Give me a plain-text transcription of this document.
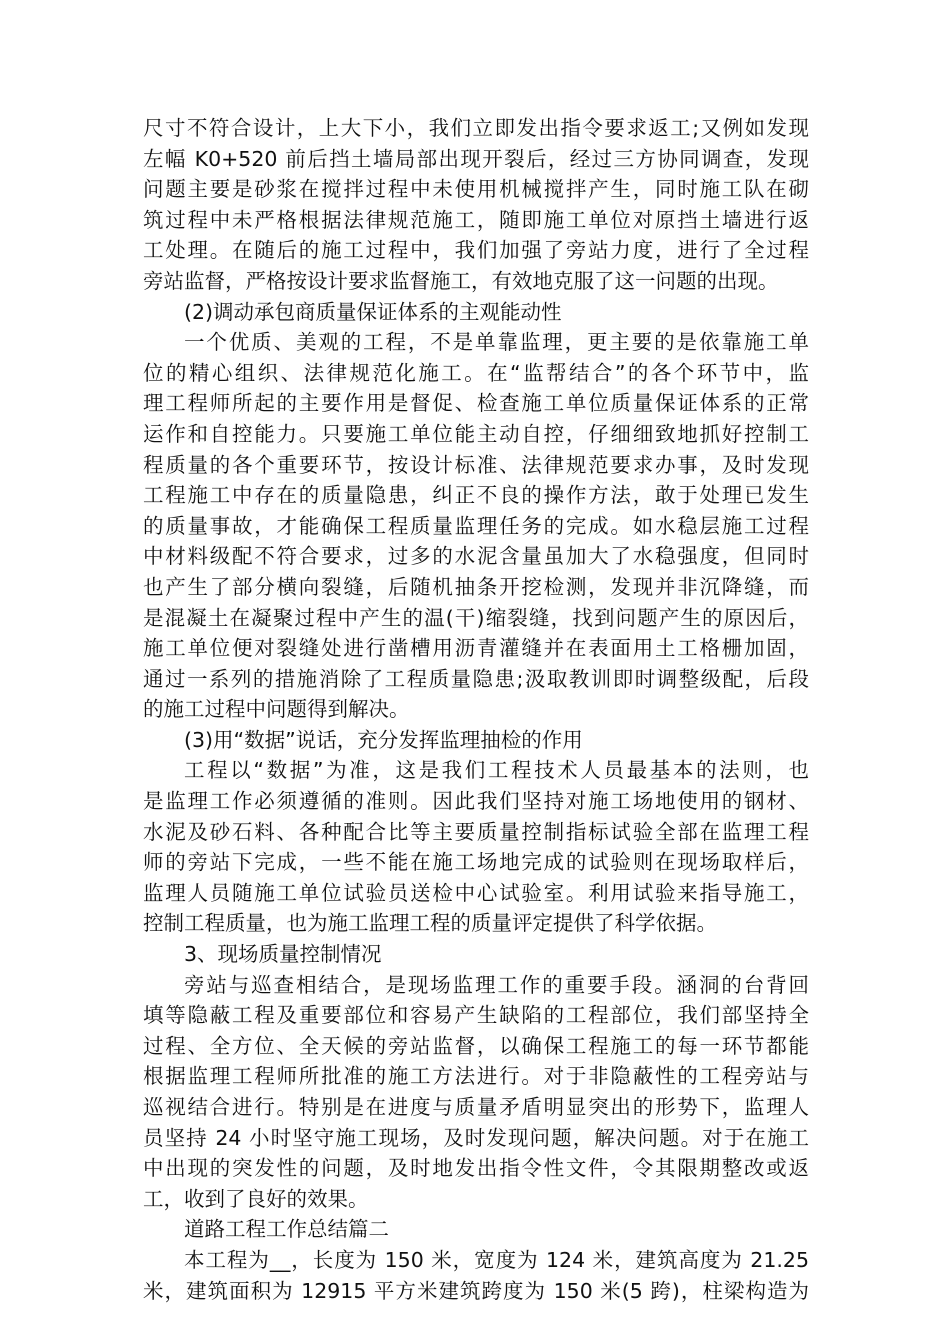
尺寸不符合设计，上大下小，我们立即发出指令要求返工;又例如发现
左幅 K0+520 前后挡土墙局部出现开裂后，经过三方协同调查，发现
问题主要是砂浆在搅拌过程中未使用机械搅拌产生，同时施工队在砌
筑过程中未严格根据法律规范施工，随即施工单位对原挡土墙进行返
工处理。在随后的施工过程中，我们加强了旁站力度，进行了全过程
旁站监督，严格按设计要求监督施工，有效地克服了这一问题的出现。
(2)调动承包商质量保证体系的主观能动性
一个优质、美观的工程，不是单靠监理，更主要的是依靠施工单
位的精心组织、法律规范化施工。在“监帮结合”的各个环节中，监
理工程师所起的主要作用是督促、检查施工单位质量保证体系的正常
运作和自控能力。只要施工单位能主动自控，仔细细致地抓好控制工
程质量的各个重要环节，按设计标准、法律规范要求办事，及时发现
工程施工中存在的质量隐患，纠正不良的操作方法，敢于处理已发生
的质量事故，才能确保工程质量监理任务的完成。如水稳层施工过程
中材料级配不符合要求，过多的水泥含量虽加大了水稳强度，但同时
也产生了部分横向裂缝，后随机抽条开挖检测，发现并非沉降缝，而
是混凝土在凝聚过程中产生的温(干)缩裂缝，找到问题产生的原因后，
施工单位便对裂缝处进行凿槽用沥青灌缝并在表面用土工格栅加固，
通过一系列的措施消除了工程质量隐患;汲取教训即时调整级配，后段
的施工过程中问题得到解决。
(3)用“数据”说话，充分发挥监理抽检的作用
工程以“数据”为准，这是我们工程技术人员最基本的法则，也
是监理工作必须遵循的准则。因此我们坚持对施工场地使用的钢材、
水泥及砂石料、各种配合比等主要质量控制指标试验全部在监理工程
师的旁站下完成，一些不能在施工场地完成的试验则在现场取样后，
监理人员随施工单位试验员送检中心试验室。利用试验来指导施工，
控制工程质量，也为施工监理工程的质量评定提供了科学依据。
3、现场质量控制情况
旁站与巡查相结合，是现场监理工作的重要手段。涵洞的台背回
填等隐蔽工程及重要部位和容易产生缺陷的工程部位，我们部坚持全
过程、全方位、全天候的旁站监督，以确保工程施工的每一环节都能
根据监理工程师所批准的施工方法进行。对于非隐蔽性的工程旁站与
巡视结合进行。特别是在进度与质量矛盾明显突出的形势下，监理人
员坚持 24 小时坚守施工现场，及时发现问题，解决问题。对于在施工
中出现的突发性的问题，及时地发出指令性文件，令其限期整改或返
工，收到了良好的效果。
道路工程工作总结篇二
本工程为__，长度为 150 米，宽度为 124 米，建筑高度为 21.25
米，建筑面积为 12915 平方米建筑跨度为 150 米(5 跨)，柱梁构造为
